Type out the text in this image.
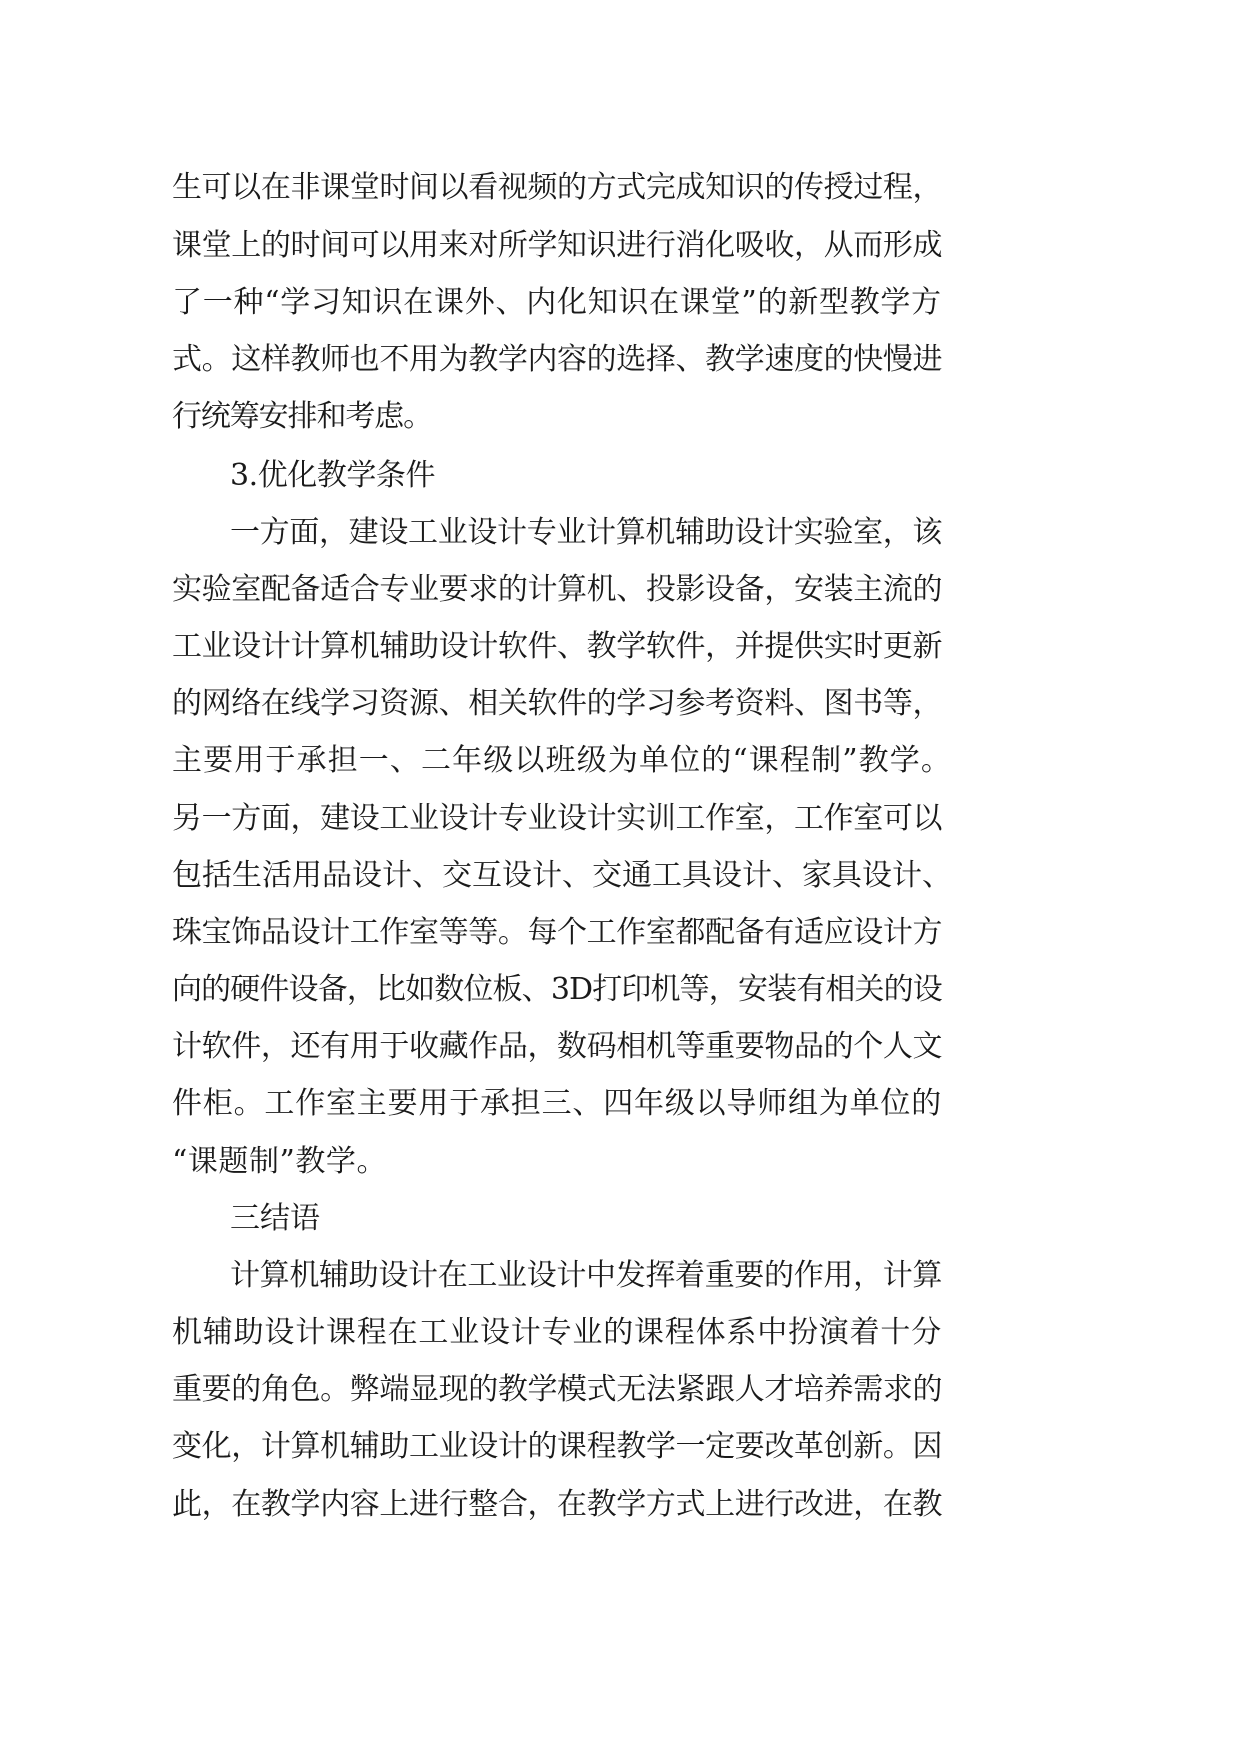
生可以在非课堂时间以看视频的方式完成知识的传授过程，
课堂上的时间可以用来对所学知识进行消化吸收，从而形成
了一种“学习知识在课外、内化知识在课堂”的新型教学方
式。这样教师也不用为教学内容的选择、教学速度的快慢进
行统筹安排和考虑。
3.优化教学条件
一方面，建设工业设计专业计算机辅助设计实验室，该
实验室配备适合专业要求的计算机、投影设备，安装主流的
工业设计计算机辅助设计软件、教学软件，并提供实时更新
的网络在线学习资源、相关软件的学习参考资料、图书等，
主要用于承担一、二年级以班级为单位的“课程制”教学。
另一方面，建设工业设计专业设计实训工作室，工作室可以
包括生活用品设计、交互设计、交通工具设计、家具设计、
珠宝饰品设计工作室等等。每个工作室都配备有适应设计方
向的硬件设备，比如数位板、3D打印机等，安装有相关的设
计软件，还有用于收藏作品，数码相机等重要物品的个人文
件柜。工作室主要用于承担三、四年级以导师组为单位的
“课题制”教学。
三结语
计算机辅助设计在工业设计中发挥着重要的作用，计算
机辅助设计课程在工业设计专业的课程体系中扮演着十分
重要的角色。弊端显现的教学模式无法紧跟人才培养需求的
变化，计算机辅助工业设计的课程教学一定要改革创新。因
此，在教学内容上进行整合，在教学方式上进行改进，在教
